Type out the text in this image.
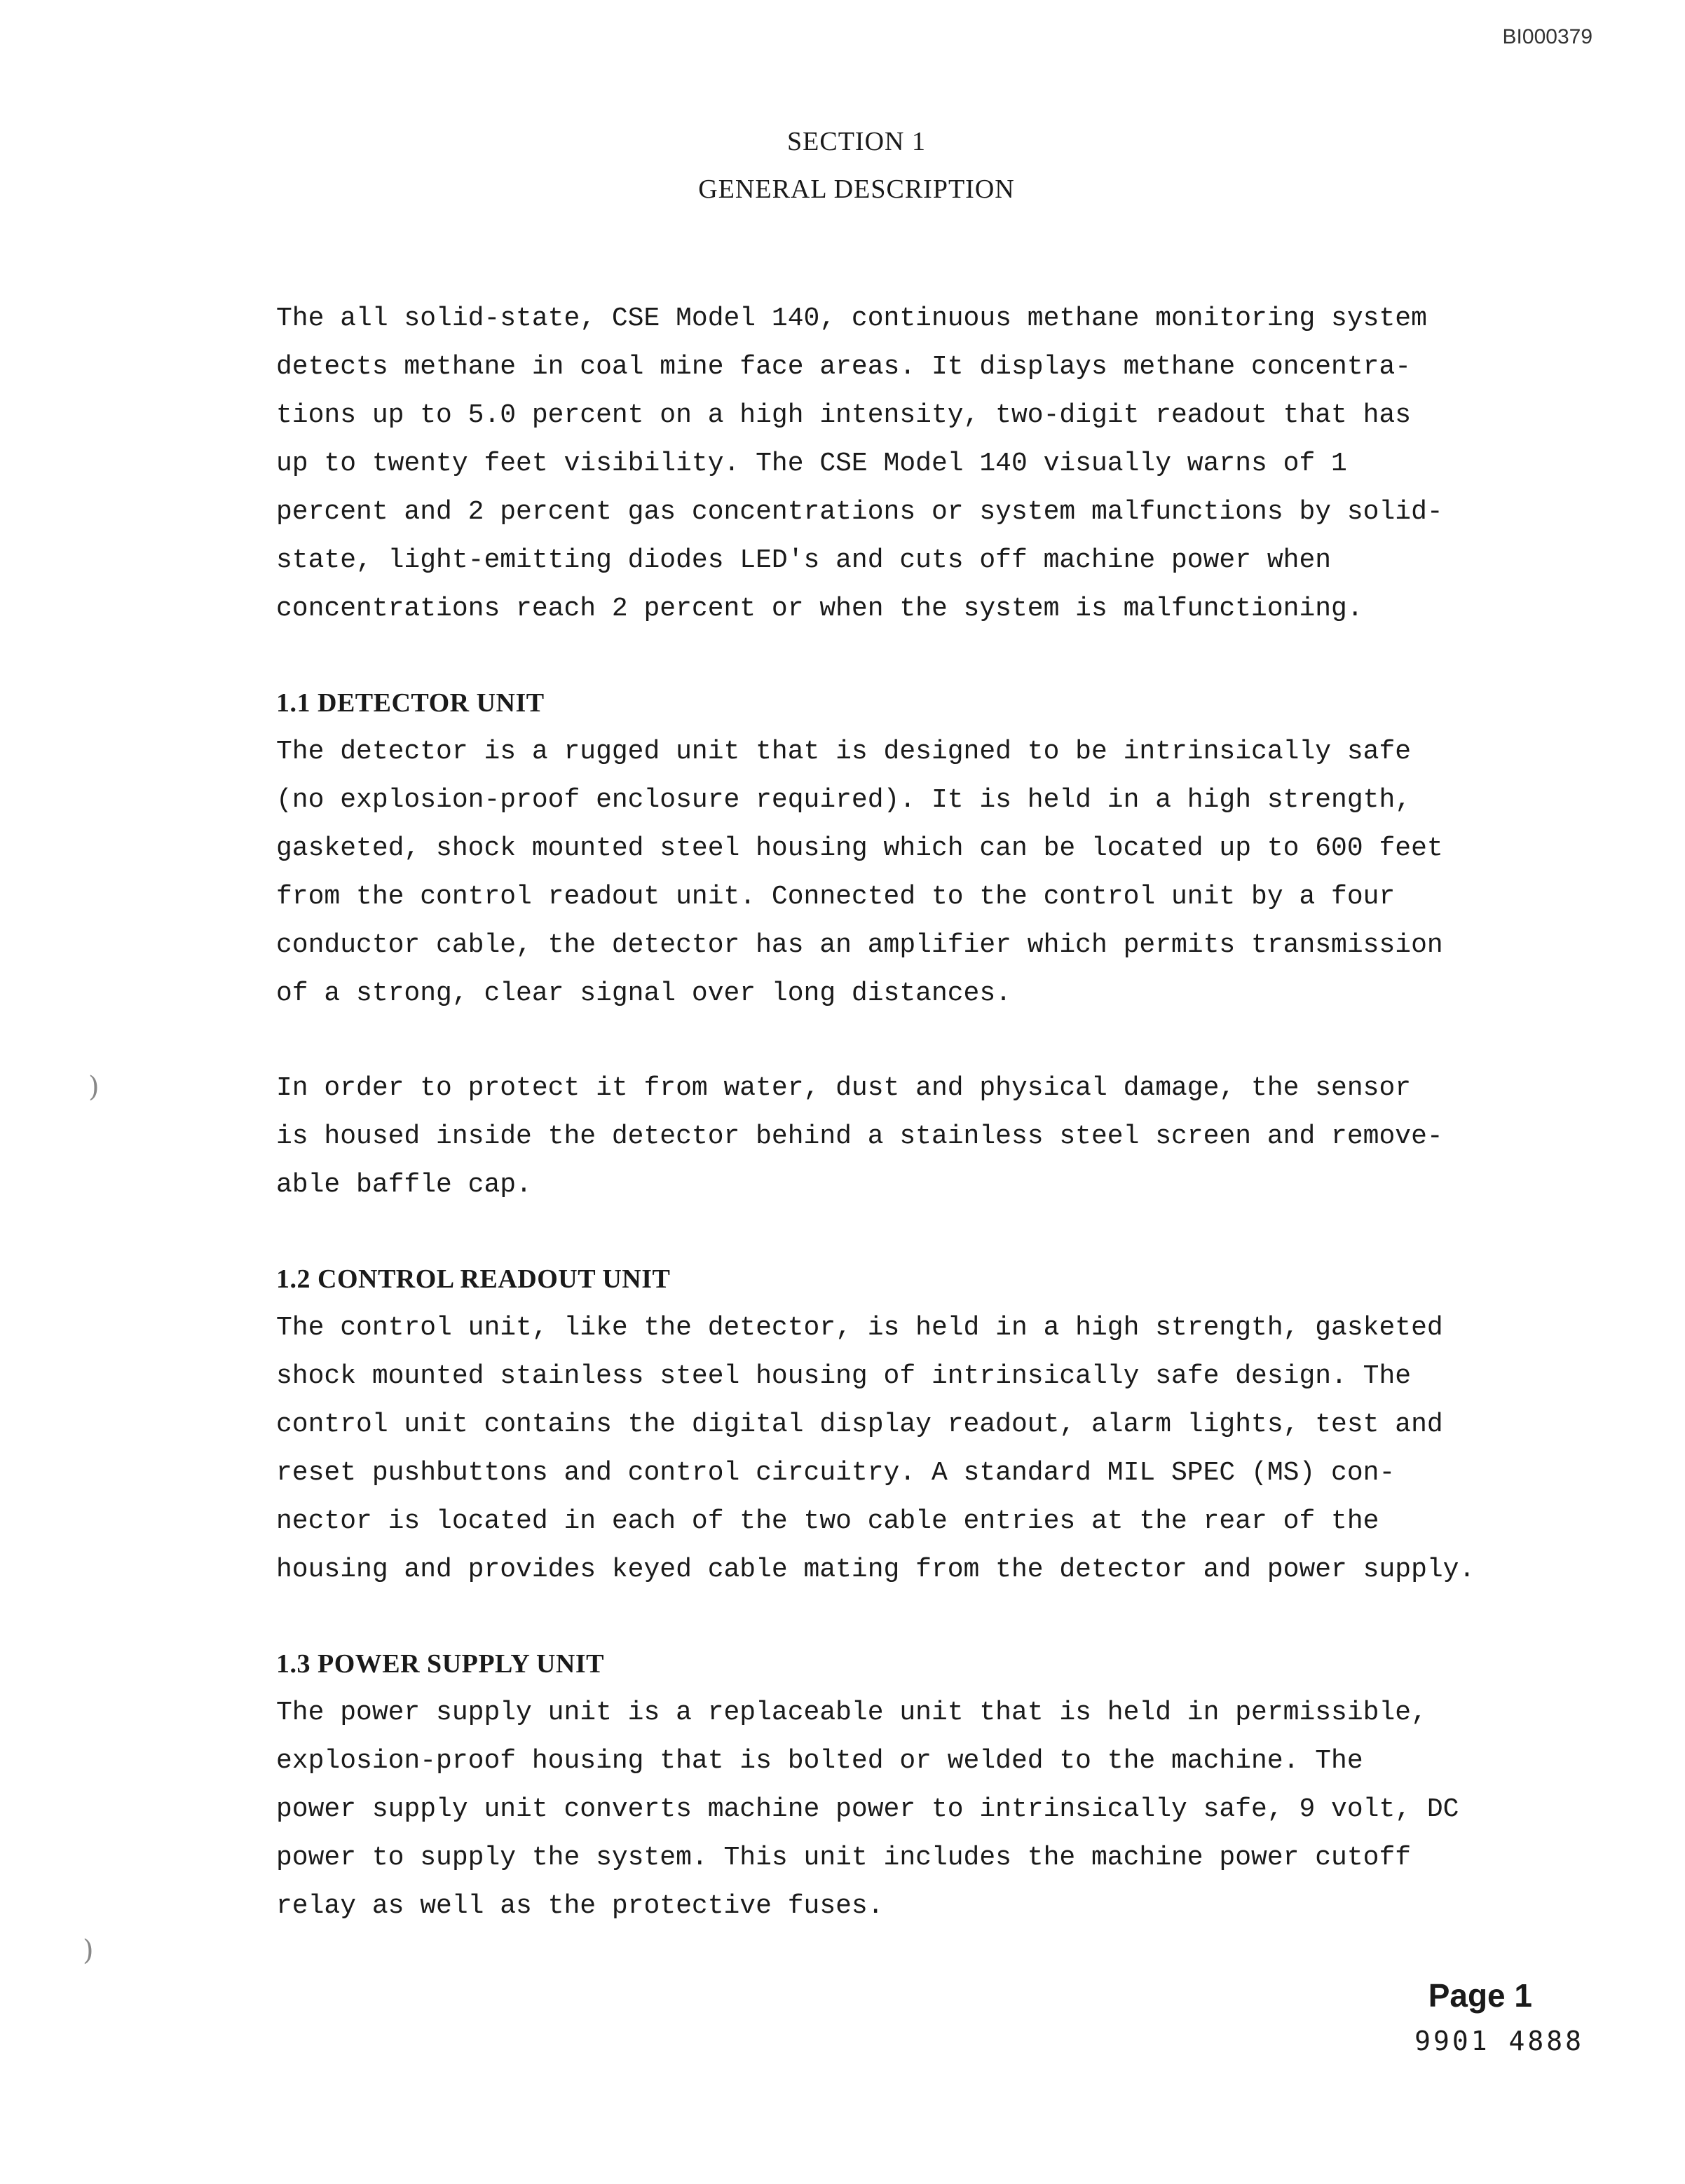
BI000379
SECTION 1
GENERAL DESCRIPTION
)
)

The all solid-state, CSE Model 140, continuous methane monitoring system
detects methane in coal mine face areas. It displays methane concentra-
tions up to 5.0 percent on a high intensity, two-digit readout that has
up to twenty feet visibility. The CSE Model 140 visually warns of 1
percent and 2 percent gas concentrations or system malfunctions by solid-
state, light-emitting diodes LED's and cuts off machine power when
concentrations reach 2 percent or when the system is malfunctioning.

1.1 DETECTOR UNIT

The detector is a rugged unit that is designed to be intrinsically safe
(no explosion-proof enclosure required). It is held in a high strength,
gasketed, shock mounted steel housing which can be located up to 600 feet
from the control readout unit. Connected to the control unit by a four
conductor cable, the detector has an amplifier which permits transmission
of a strong, clear signal over long distances.

In order to protect it from water, dust and physical damage, the sensor
is housed inside the detector behind a stainless steel screen and remove-
able baffle cap.

1.2 CONTROL READOUT UNIT

The control unit, like the detector, is held in a high strength, gasketed
shock mounted stainless steel housing of intrinsically safe design. The
control unit contains the digital display readout, alarm lights, test and
reset pushbuttons and control circuitry. A standard MIL SPEC (MS) con-
nector is located in each of the two cable entries at the rear of the
housing and provides keyed cable mating from the detector and power supply.

1.3 POWER SUPPLY UNIT

The power supply unit is a replaceable unit that is held in permissible,
explosion-proof housing that is bolted or welded to the machine. The
power supply unit converts machine power to intrinsically safe, 9 volt, DC
power to supply the system. This unit includes the machine power cutoff
relay as well as the protective fuses.

Page 1
9901 4888
